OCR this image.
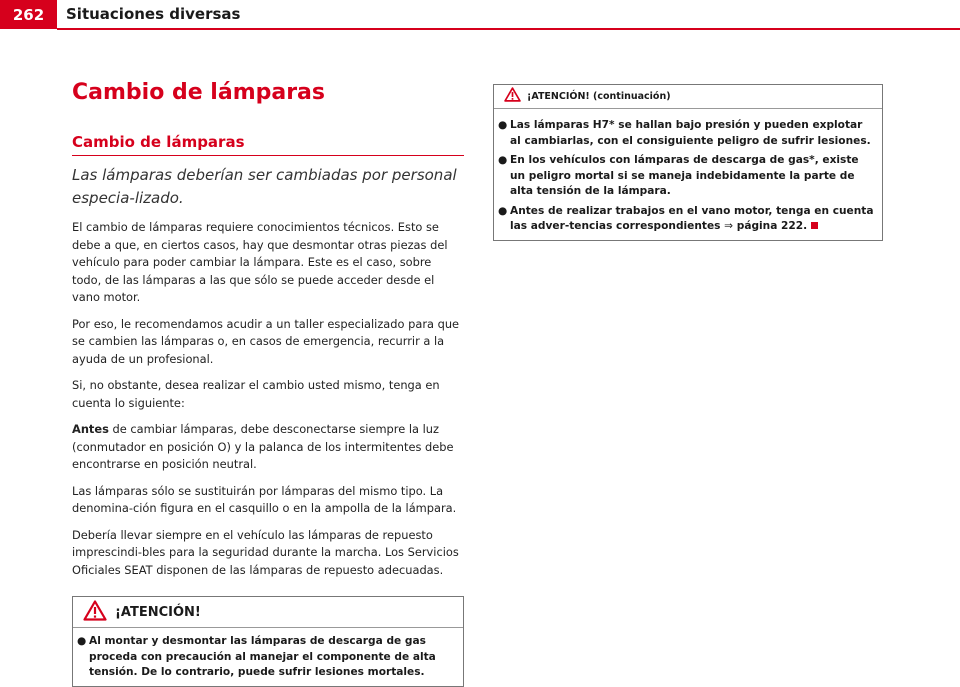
262	Situaciones diversas
Cambio de lámparas
Cambio de lámparas

Las lámparas deberían ser cambiadas por personal especia-lizado.

El cambio de lámparas requiere conocimientos técnicos. Esto se debe a que, en ciertos casos, hay que desmontar otras piezas del vehículo para poder cambiar la lámpara. Este es el caso, sobre todo, de las lámparas a las que sólo se puede acceder desde el vano motor.

Por eso, le recomendamos acudir a un taller especializado para que se cambien las lámparas o, en casos de emergencia, recurrir a la ayuda de un profesional.

Si, no obstante, desea realizar el cambio usted mismo, tenga en cuenta lo siguiente:

Antes de cambiar lámparas, debe desconectarse siempre la luz (conmutador en posición O) y la palanca de los intermitentes debe encontrarse en posición neutral.

Las lámparas sólo se sustituirán por lámparas del mismo tipo. La denomina-ción figura en el casquillo o en la ampolla de la lámpara.

Debería llevar siempre en el vehículo las lámparas de repuesto imprescindi-bles para la seguridad durante la marcha. Los Servicios Oficiales SEAT disponen de las lámparas de repuesto adecuadas.

¡ATENCIÓN!
● Al montar y desmontar las lámparas de descarga de gas proceda con precaución al manejar el componente de alta tensión. De lo contrario, puede sufrir lesiones mortales.
¡ATENCIÓN! (continuación)
● Las lámparas H7* se hallan bajo presión y pueden explotar al cambiarlas, con el consiguiente peligro de sufrir lesiones.
● En los vehículos con lámparas de descarga de gas*, existe un peligro mortal si se maneja indebidamente la parte de alta tensión de la lámpara.
● Antes de realizar trabajos en el vano motor, tenga en cuenta las adver-tencias correspondientes ⇒ página 222.
